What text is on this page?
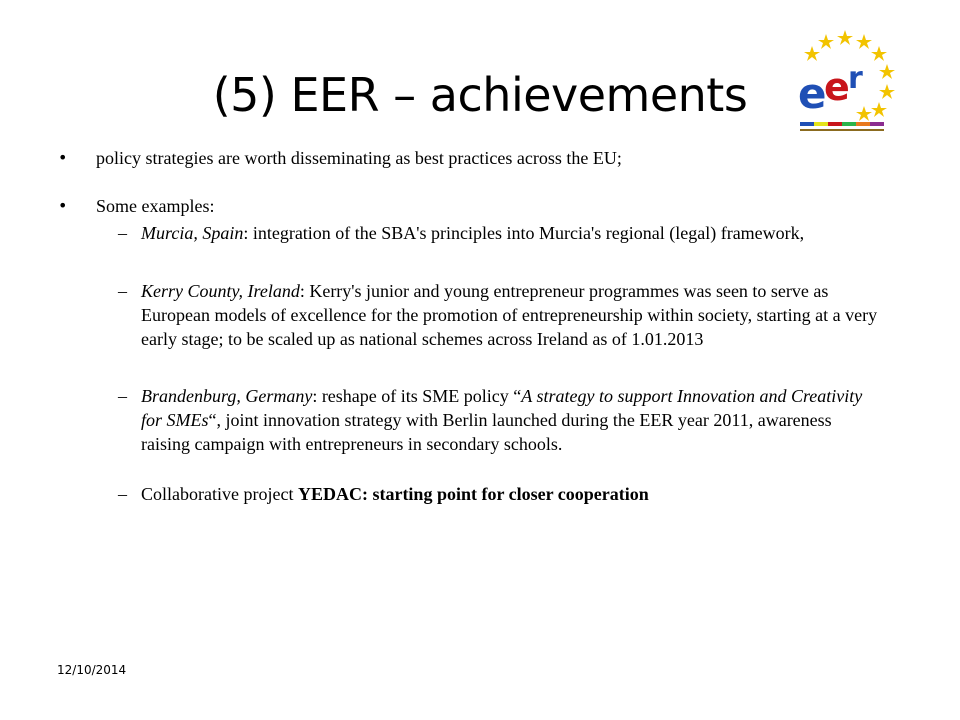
(5) EER – achievements	e
e
r
• policy strategies are worth disseminating as best practices across the EU;
• Some examples:
– Murcia, Spain: integration of the SBA's principles into Murcia's regional (legal) framework,
– Kerry County, Ireland: Kerry's junior and young entrepreneur programmes was seen to serve as European models of excellence for the promotion of entrepreneurship within society, starting at a very early stage; to be scaled up as national schemes across Ireland as of 1.01.2013
– Brandenburg, Germany: reshape of its SME policy “A strategy to support Innovation and Creativity for SMEs“, joint innovation strategy with Berlin launched during the EER year 2011, awareness raising campaign with entrepreneurs in secondary schools.
– Collaborative project YEDAC: starting point for closer cooperation
12/10/2014
